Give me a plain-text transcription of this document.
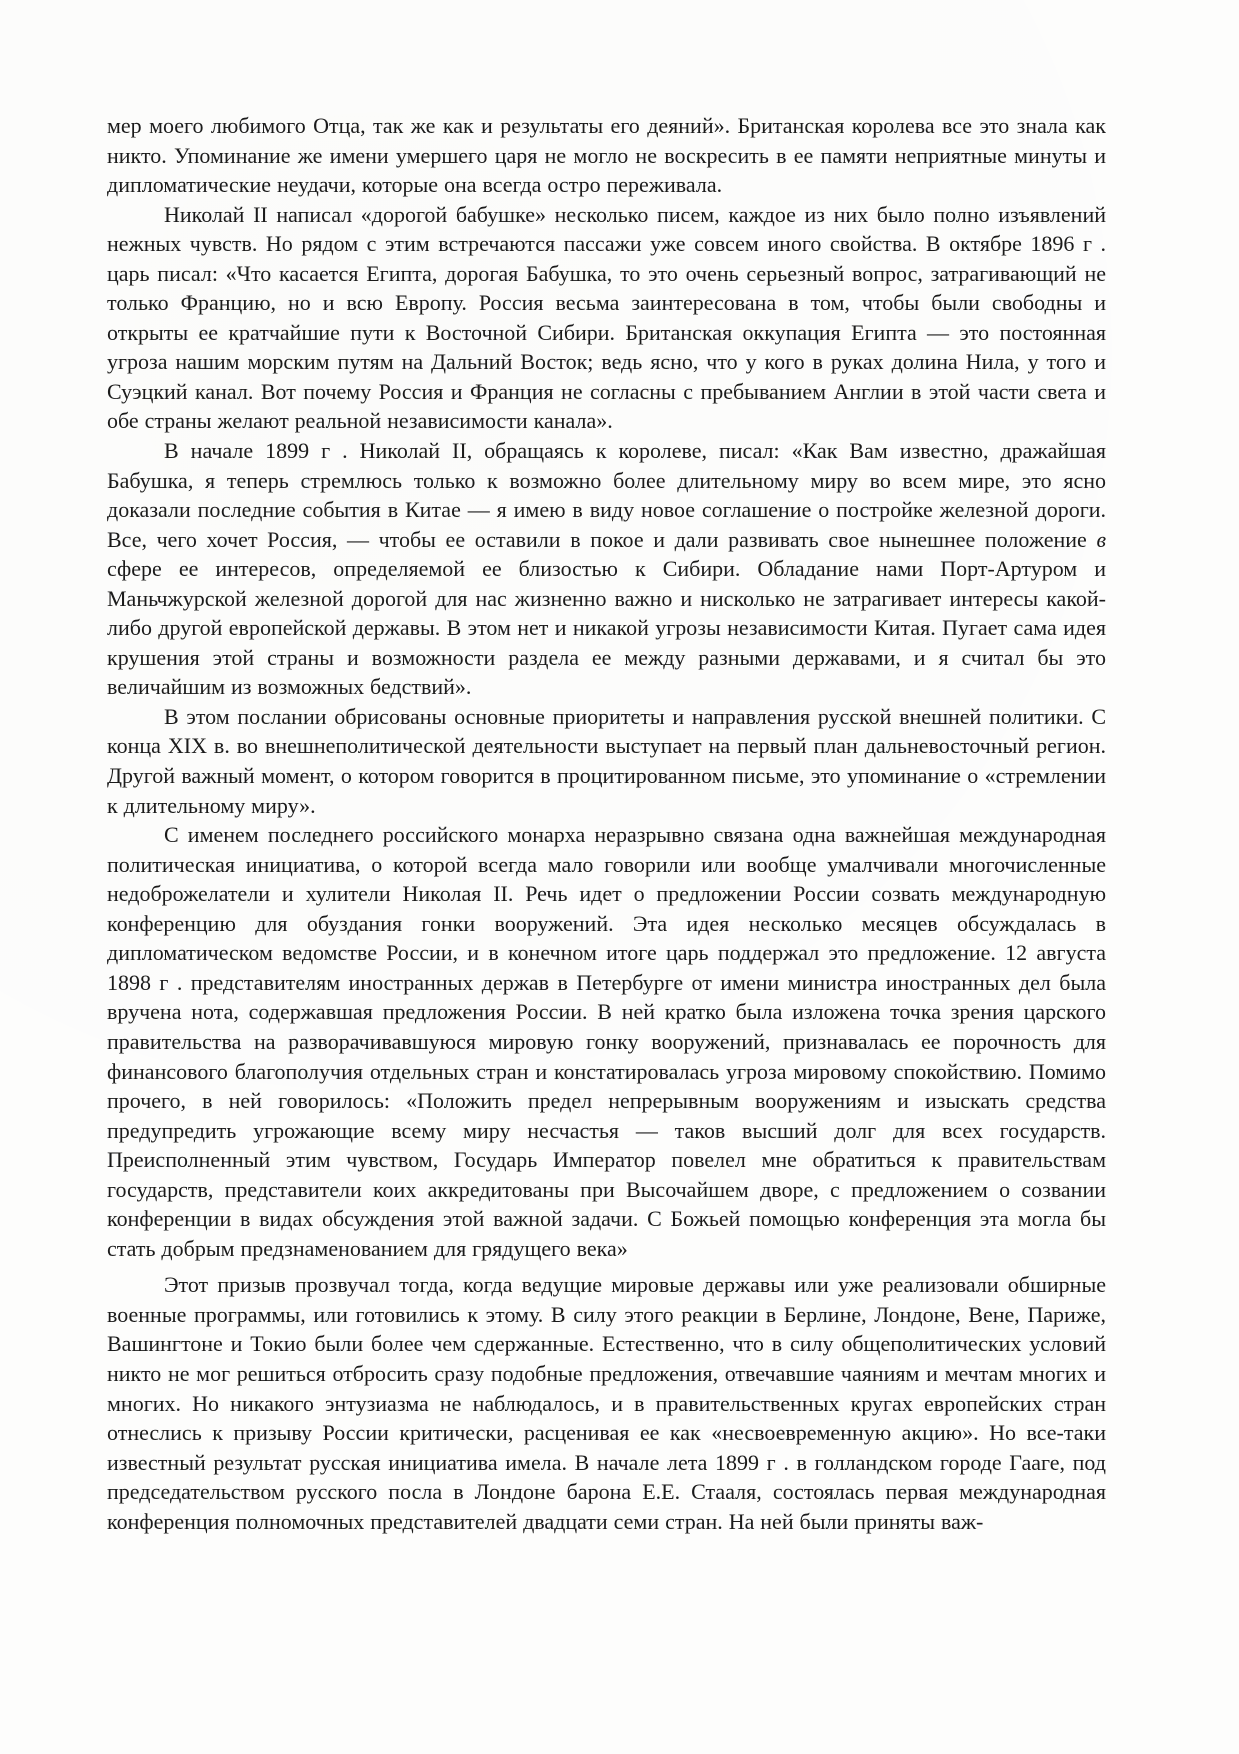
мер моего любимого Отца, так же как и результаты его деяний». Британская королева все это знала как никто. Упоминание же имени умершего царя не могло не воскресить в ее памяти неприятные минуты и дипломатические неудачи, которые она всегда остро переживала.

Николай II написал «дорогой бабушке» несколько писем, каждое из них было полно изъявлений нежных чувств. Но рядом с этим встречаются пассажи уже совсем иного свойства. В октябре 1896 г . царь писал: «Что касается Египта, дорогая Бабушка, то это очень серьезный вопрос, затрагивающий не только Францию, но и всю Европу. Россия весьма заинтересована в том, чтобы были свободны и открыты ее кратчайшие пути к Восточной Сибири. Британская оккупация Египта — это постоянная угроза нашим морским путям на Дальний Восток; ведь ясно, что у кого в руках долина Нила, у того и Суэцкий канал. Вот почему Россия и Франция не согласны с пребыванием Англии в этой части света и обе страны желают реальной независимости канала».

В начале 1899 г . Николай II, обращаясь к королеве, писал: «Как Вам известно, дражайшая Бабушка, я теперь стремлюсь только к возможно более длительному миру во всем мире, это ясно доказали последние события в Китае — я имею в виду новое соглашение о постройке железной дороги. Все, чего хочет Россия, — чтобы ее оставили в покое и дали развивать свое нынешнее положение в сфере ее интересов, определяемой ее близостью к Сибири. Обладание нами Порт-Артуром и Маньчжурской железной дорогой для нас жизненно важно и нисколько не затрагивает интересы какой-либо другой европейской державы. В этом нет и никакой угрозы независимости Китая. Пугает сама идея крушения этой страны и возможности раздела ее между разными державами, и я считал бы это величайшим из возможных бедствий».

В этом послании обрисованы основные приоритеты и направления русской внешней политики. С конца XIX в. во внешнеполитической деятельности выступает на первый план дальневосточный регион. Другой важный момент, о котором говорится в процитированном письме, это упоминание о «стремлении к длительному миру».

С именем последнего российского монарха неразрывно связана одна важнейшая международная политическая инициатива, о которой всегда мало говорили или вообще умалчивали многочисленные недоброжелатели и хулители Николая II. Речь идет о предложении России созвать международную конференцию для обуздания гонки вооружений. Эта идея несколько месяцев обсуждалась в дипломатическом ведомстве России, и в конечном итоге царь поддержал это предложение. 12 августа 1898 г . представителям иностранных держав в Петербурге от имени министра иностранных дел была вручена нота, содержавшая предложения России. В ней кратко была изложена точка зрения царского правительства на разворачивавшуюся мировую гонку вооружений, признавалась ее порочность для финансового благополучия отдельных стран и констатировалась угроза мировому спокойствию. Помимо прочего, в ней говорилось: «Положить предел непрерывным вооружениям и изыскать средства предупредить угрожающие всему миру несчастья — таков высший долг для всех государств. Преисполненный этим чувством, Государь Император повелел мне обратиться к правительствам государств, представители коих аккредитованы при Высочайшем дворе, с предложением о созвании конференции в видах обсуждения этой важной задачи. С Божьей помощью конференция эта могла бы стать добрым предзнаменованием для грядущего века»

Этот призыв прозвучал тогда, когда ведущие мировые державы или уже реализовали обширные военные программы, или готовились к этому. В силу этого реакции в Берлине, Лондоне, Вене, Париже, Вашингтоне и Токио были более чем сдержанные. Естественно, что в силу общеполитических условий никто не мог решиться отбросить сразу подобные предложения, отвечавшие чаяниям и мечтам многих и многих. Но никакого энтузиазма не наблюдалось, и в правительственных кругах европейских стран отнеслись к призыву России критически, расценивая ее как «несвоевременную акцию». Но все-таки известный результат русская инициатива имела. В начале лета 1899 г . в голландском городе Гааге, под председательством русского посла в Лондоне барона Е.Е. Стааля, состоялась первая международная конференция полномочных представителей двадцати семи стран. На ней были приняты важ-
